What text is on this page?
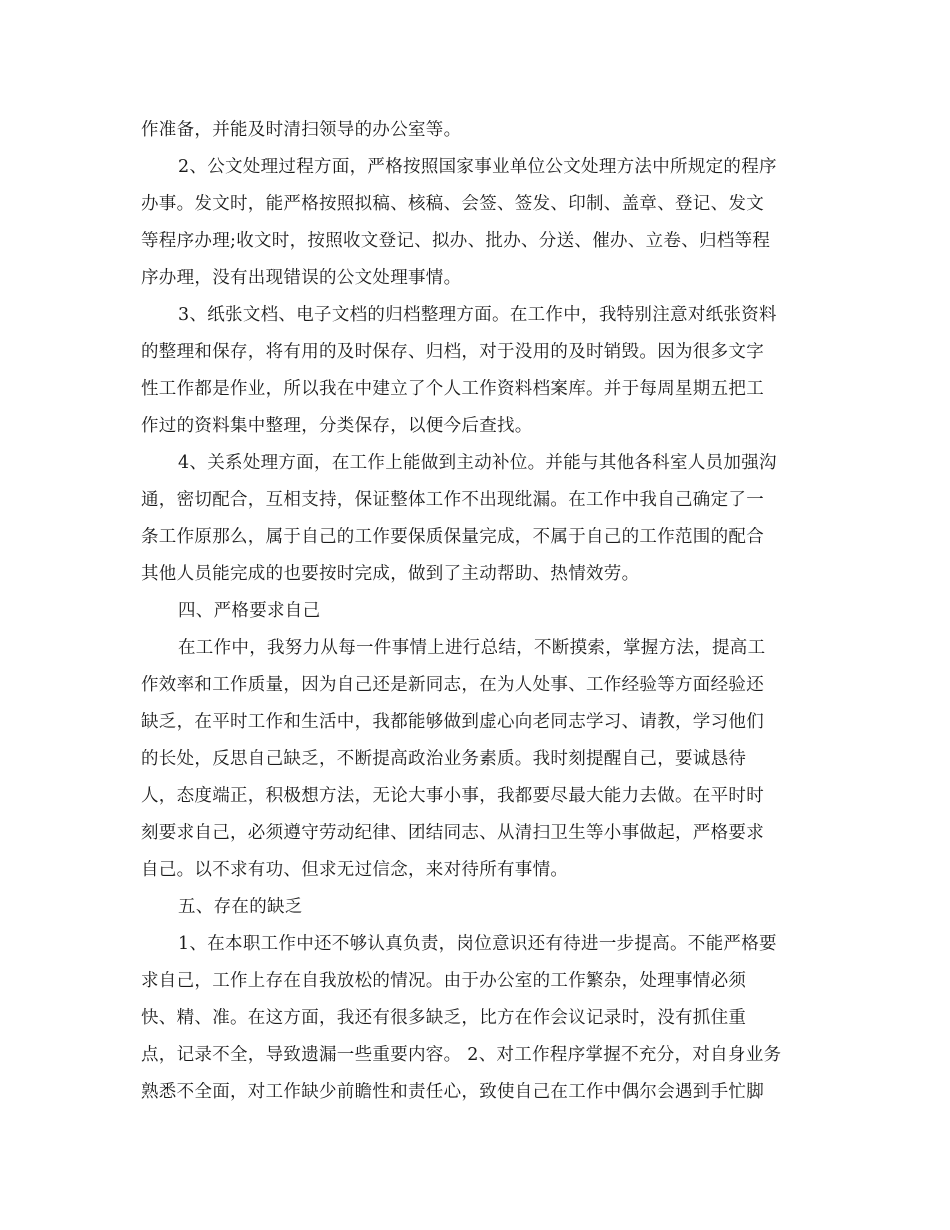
作准备，并能及时清扫领导的办公室等。
2、公文处理过程方面，严格按照国家事业单位公文处理方法中所规定的程序
办事。发文时，能严格按照拟稿、核稿、会签、签发、印制、盖章、登记、发文
等程序办理;收文时，按照收文登记、拟办、批办、分送、催办、立卷、归档等程
序办理，没有出现错误的公文处理事情。
3、纸张文档、电子文档的归档整理方面。在工作中，我特别注意对纸张资料
的整理和保存，将有用的及时保存、归档，对于没用的及时销毁。因为很多文字
性工作都是作业，所以我在中建立了个人工作资料档案库。并于每周星期五把工
作过的资料集中整理，分类保存，以便今后查找。
4、关系处理方面，在工作上能做到主动补位。并能与其他各科室人员加强沟
通，密切配合，互相支持，保证整体工作不出现纰漏。在工作中我自己确定了一
条工作原那么，属于自己的工作要保质保量完成，不属于自己的工作范围的配合
其他人员能完成的也要按时完成，做到了主动帮助、热情效劳。
四、严格要求自己
在工作中，我努力从每一件事情上进行总结，不断摸索，掌握方法，提高工
作效率和工作质量，因为自己还是新同志，在为人处事、工作经验等方面经验还
缺乏，在平时工作和生活中，我都能够做到虚心向老同志学习、请教，学习他们
的长处，反思自己缺乏，不断提高政治业务素质。我时刻提醒自己，要诚恳待
人，态度端正，积极想方法，无论大事小事，我都要尽最大能力去做。在平时时
刻要求自己，必须遵守劳动纪律、团结同志、从清扫卫生等小事做起，严格要求
自己。以不求有功、但求无过信念，来对待所有事情。
五、存在的缺乏
1、在本职工作中还不够认真负责，岗位意识还有待进一步提高。不能严格要
求自己，工作上存在自我放松的情况。由于办公室的工作繁杂，处理事情必须
快、精、准。在这方面，我还有很多缺乏，比方在作会议记录时，没有抓住重
点，记录不全，导致遗漏一些重要内容。 2、对工作程序掌握不充分，对自身业务
熟悉不全面，对工作缺少前瞻性和责任心，致使自己在工作中偶尔会遇到手忙脚
